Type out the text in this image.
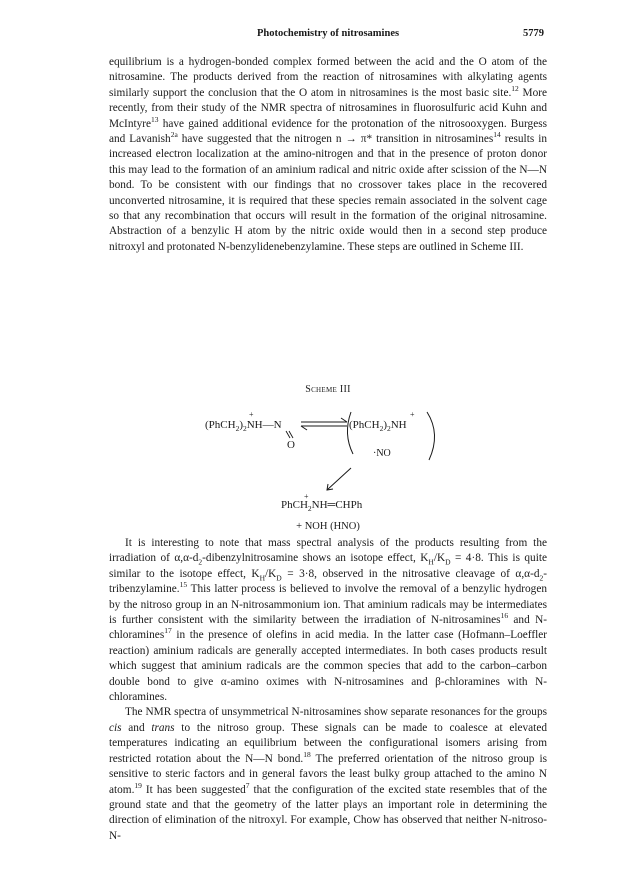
Photochemistry of nitrosamines	5779

equilibrium is a hydrogen-bonded complex formed between the acid and the O atom of the nitrosamine. The products derived from the reaction of nitrosamines with alkylating agents similarly support the conclusion that the O atom in nitrosamines is the most basic site.$^{12}$ More recently, from their study of the NMR spectra of nitrosamines in fluorosulfuric acid Kuhn and McIntyre$^{13}$ have gained additional evidence for the protonation of the nitrosooxygen. Burgess and Lavanish$^{2a}$ have suggested that the nitrogen n → π* transition in nitrosamines$^{14}$ results in increased electron localization at the amino-nitrogen and that in the presence of proton donor this may lead to the formation of an aminium radical and nitric oxide after scission of the N—N bond. To be consistent with our findings that no crossover takes place in the recovered unconverted nitrosamine, it is required that these species remain associated in the solvent cage so that any recombination that occurs will result in the formation of the original nitrosamine. Abstraction of a benzylic H atom by the nitric oxide would then in a second step produce nitroxyl and protonated N-benzylidenebenzylamine. These steps are outlined in Scheme III.

Scheme III
$(PhCH_2)_2NH—N$
+
O
$(PhCH_2)_2NH$
+
·NO
+
PhCH$_2$NH═CHPh
+ NOH (HNO)

It is interesting to note that mass spectral analysis of the products resulting from the irradiation of $\alpha,\alpha-d_2$-dibenzylnitrosamine shows an isotope effect, $K_H/K_D = 4\cdot 8$. This is quite similar to the isotope effect, $K_H/K_D = 3\cdot 8$, observed in the nitrosative cleavage of $\alpha,\alpha-d_2-tribenzylamine.^{15}$ This latter process is believed to involve the removal of a benzylic hydrogen by the nitroso group in an N-nitrosammonium ion. That aminium radicals may be intermediates is further consistent with the similarity between the irradiation of N-nitrosamines$^{16}$ and N-chloramines$^{17}$ in the presence of olefins in acid media. In the latter case (Hofmann–Loeffler reaction) aminium radicals are generally accepted intermediates. In both cases products result which suggest that aminium radicals are the common species that add to the carbon–carbon double bond to give α-amino oximes with N-nitrosamines and β-chloramines with N-chloramines.

The NMR spectra of unsymmetrical N-nitrosamines show separate resonances for the groups cis and trans to the nitroso group. These signals can be made to coalesce at elevated temperatures indicating an equilibrium between the configurational isomers arising from restricted rotation about the N—N bond.$^{18}$ The preferred orientation of the nitroso group is sensitive to steric factors and in general favors the least bulky group attached to the amino N atom.$^{19}$ It has been suggested$^7$ that the configuration of the excited state resembles that of the ground state and that the geometry of the latter plays an important role in determining the direction of elimination of the nitroxyl. For example, Chow has observed that neither N-nitroso-N-
